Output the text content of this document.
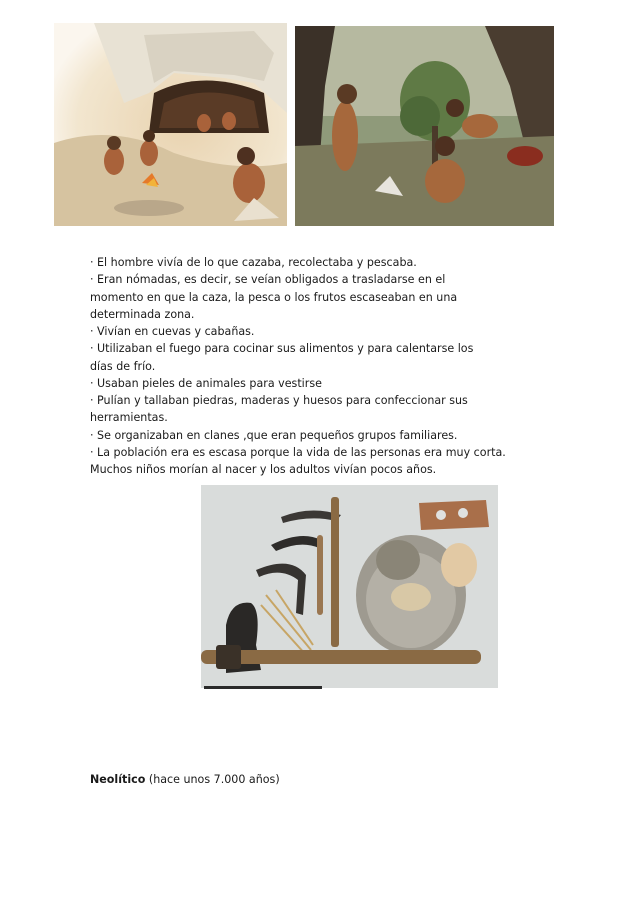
· El hombre vivía de lo que cazaba, recolectaba y pescaba.
· Eran nómadas, es decir, se veían obligados a trasladarse en el
momento en que la caza, la pesca o los frutos escaseaban en una
determinada zona.
· Vivían en cuevas y cabañas.
· Utilizaban el fuego para cocinar sus alimentos y para calentarse los
días de frío.
· Usaban pieles de animales para vestirse
· Pulían y tallaban piedras, maderas y huesos para confeccionar sus
herramientas.
· Se organizaban en clanes ,que eran pequeños grupos familiares.
· La población era es escasa porque la vida de las personas era muy corta.
Muchos niños morían al nacer y los adultos vivían pocos años.
Neolítico (hace unos 7.000 años)
